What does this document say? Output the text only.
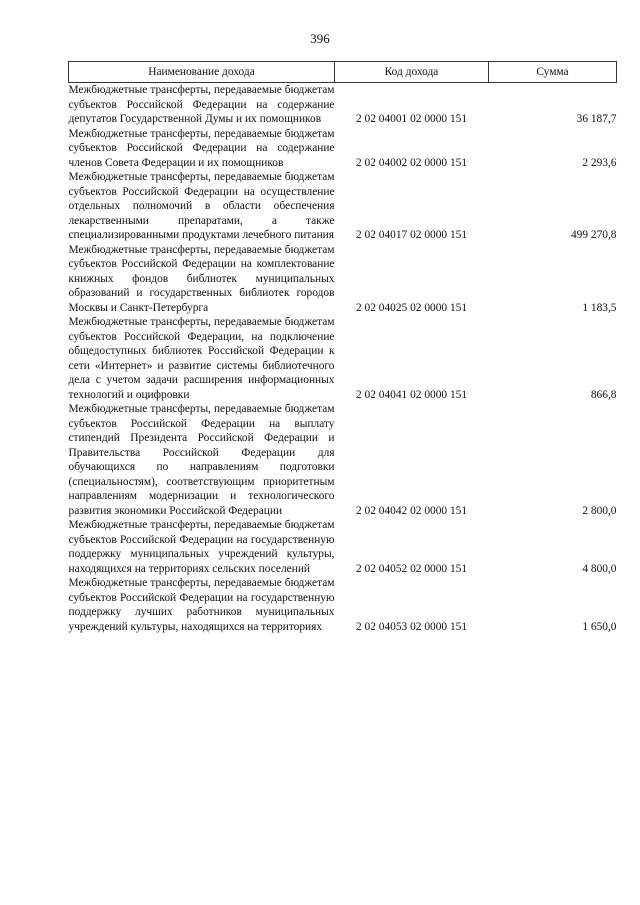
396
Наименование дохода	Код дохода	Сумма
Межбюджетные трансферты, передаваемые бюджетам субъектов Российской Федерации на содержание депутатов Государственной Думы и их помощников	2 02 04001 02 0000 151	36 187,7
Межбюджетные трансферты, передаваемые бюджетам субъектов Российской Федерации на содержание членов Совета Федерации и их помощников	2 02 04002 02 0000 151	2 293,6
Межбюджетные трансферты, передаваемые бюджетам субъектов Российской Федерации на осуществление отдельных полномочий в области обеспечения лекарственными препаратами, а также специализированными продуктами лечебного питания	2 02 04017 02 0000 151	499 270,8
Межбюджетные трансферты, передаваемые бюджетам субъектов Российской Федерации на комплектование книжных фондов библиотек муниципальных образований и государственных библиотек городов Москвы и Санкт-Петербурга	2 02 04025 02 0000 151	1 183,5
Межбюджетные трансферты, передаваемые бюджетам субъектов Российской Федерации, на подключение общедоступных библиотек Российской Федерации к сети «Интернет» и развитие системы библиотечного дела с учетом задачи расширения информационных технологий и оцифровки	2 02 04041 02 0000 151	866,8
Межбюджетные трансферты, передаваемые бюджетам субъектов Российской Федерации на выплату стипендий Президента Российской Федерации и Правительства Российской Федерации для обучающихся по направлениям подготовки (специальностям), соответствующим приоритетным направлениям модернизации и технологического развития экономики Российской Федерации	2 02 04042 02 0000 151	2 800,0
Межбюджетные трансферты, передаваемые бюджетам субъектов Российской Федерации на государственную поддержку муниципальных учреждений культуры, находящихся на территориях сельских поселений	2 02 04052 02 0000 151	4 800,0
Межбюджетные трансферты, передаваемые бюджетам субъектов Российской Федерации на государственную поддержку лучших работников муниципальных учреждений культуры, находящихся на территориях	2 02 04053 02 0000 151	1 650,0
